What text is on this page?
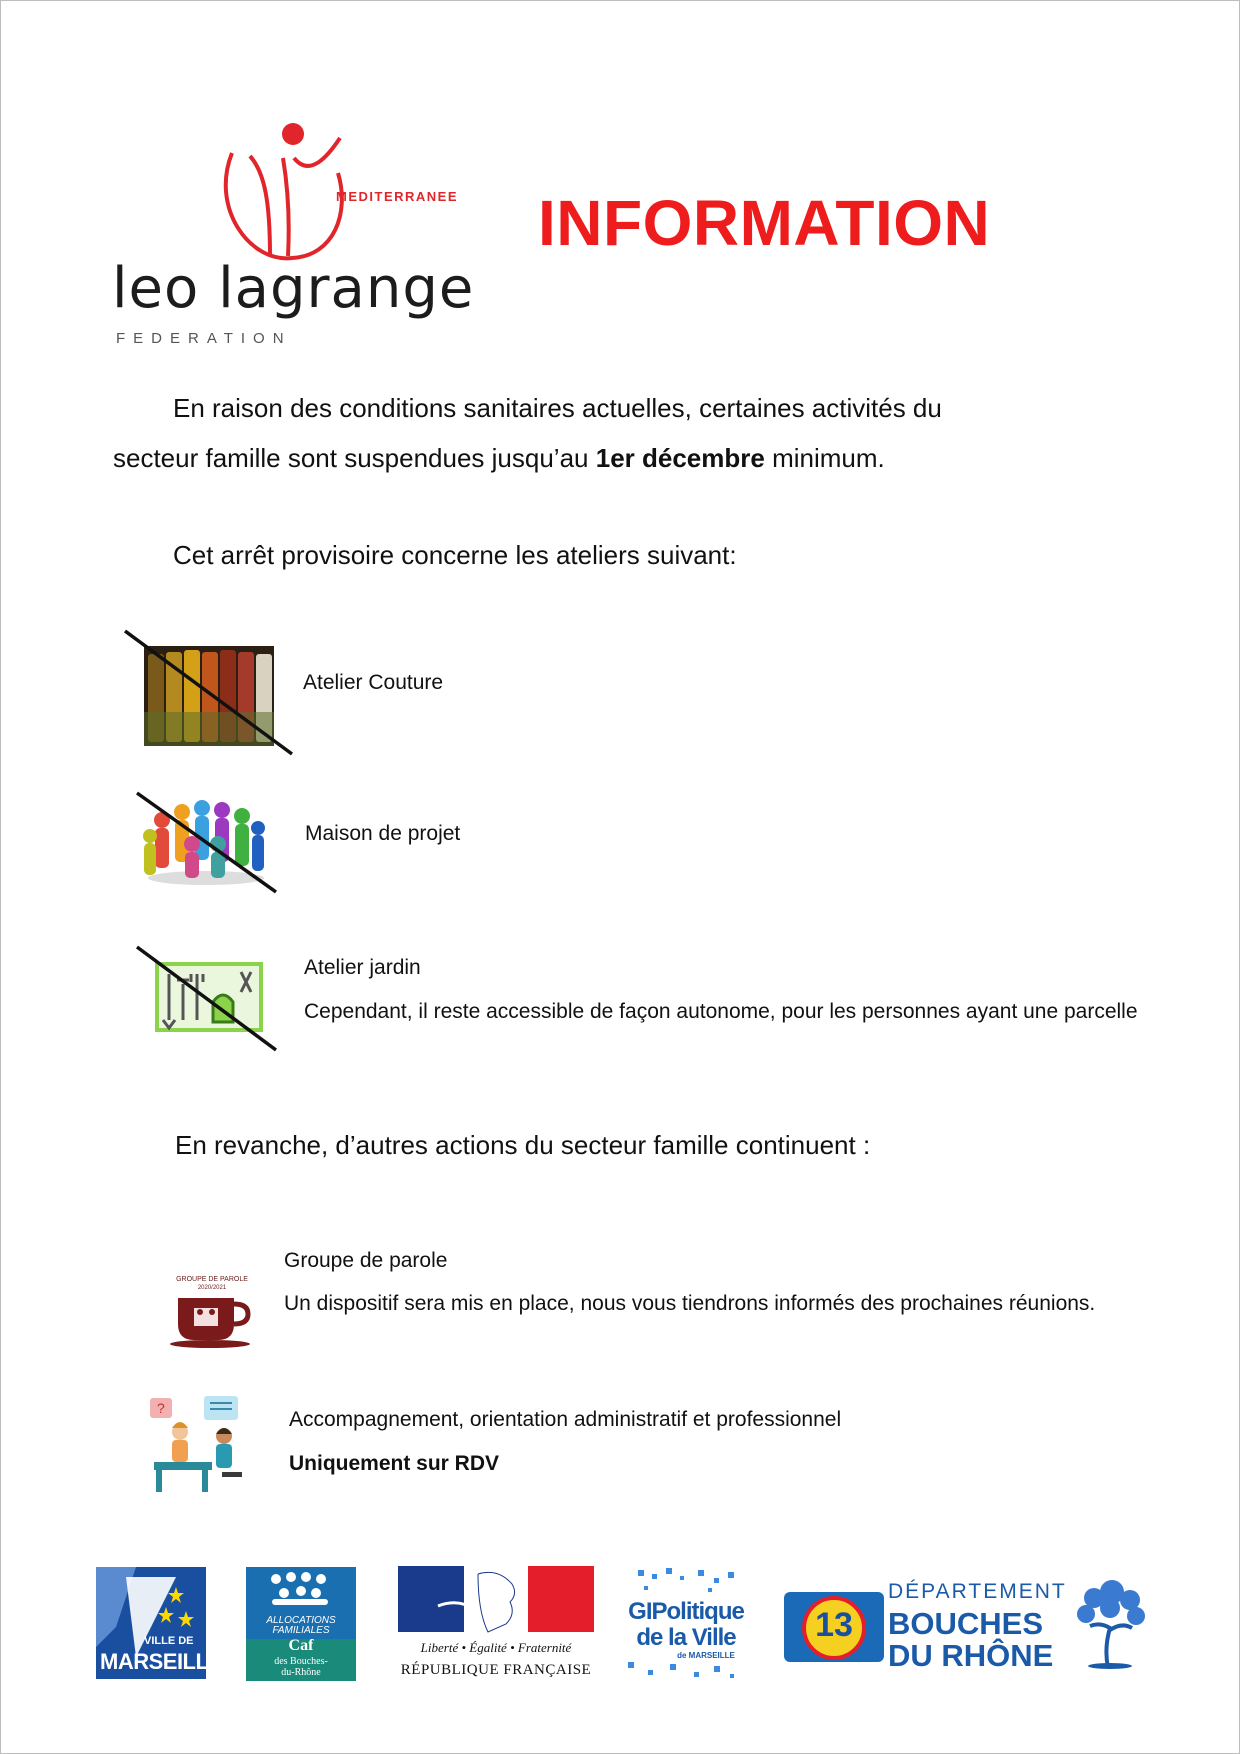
MEDITERRANEE
leo lagrange
FEDERATION
INFORMATION
En raison des conditions sanitaires actuelles, certaines activités du
secteur famille sont suspendues jusqu’au 1er décembre minimum.
Cet arrêt provisoire concerne les ateliers suivant:
Atelier Couture
Maison de projet
Atelier jardin
Cependant, il reste accessible de façon autonome, pour les personnes ayant une parcelle
En revanche, d’autres actions du secteur famille continuent :
GROUPE DE PAROLE
2020/2021
Groupe de parole
Un dispositif sera mis en place, nous vous tiendrons informés des prochaines réunions.
?	Accompagnement, orientation administratif et professionnel
Uniquement sur RDV
VILLE DE
MARSEILLE
ALLOCATIONS
FAMILIALES
Caf
des Bouches-
du-Rhône
Liberté • Égalité • Fraternité
RÉPUBLIQUE FRANÇAISE
GIPolitique
de la Ville
de MARSEILLE
13
DÉPARTEMENT
BOUCHES
DU RHÔNE
